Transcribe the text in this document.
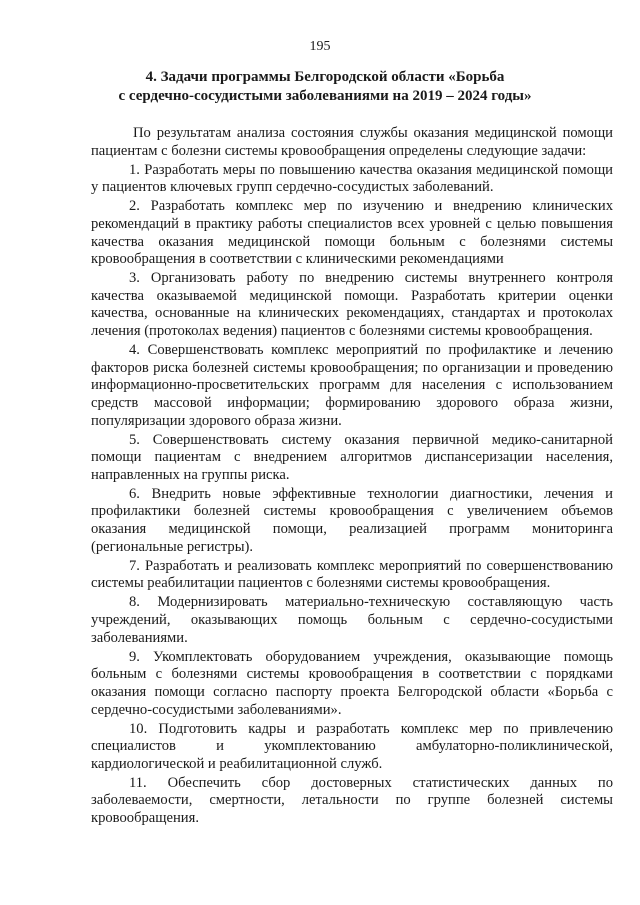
195
4. Задачи программы Белгородской области «Борьба
с сердечно-сосудистыми заболеваниями на 2019 – 2024 годы»

По результатам анализа состояния службы оказания медицинской помощи пациентам с болезни системы кровообращения определены следующие задачи:

1. Разработать меры по повышению качества оказания медицинской помощи у пациентов ключевых групп сердечно-сосудистых заболеваний.

2. Разработать комплекс мер по изучению и внедрению клинических рекомендаций в практику работы специалистов всех уровней с целью повышения качества оказания медицинской помощи больным с болезнями системы кровообращения в соответствии с клиническими рекомендациями

3. Организовать работу по внедрению системы внутреннего контроля качества оказываемой медицинской помощи. Разработать критерии оценки качества, основанные на клинических рекомендациях, стандартах и протоколах лечения (протоколах ведения) пациентов с болезнями системы кровообращения.

4. Совершенствовать комплекс мероприятий по профилактике и лечению факторов риска болезней системы кровообращения; по организации и проведению информационно-просветительских программ для населения с использованием средств массовой информации; формированию здорового образа жизни, популяризации здорового образа жизни.

5. Совершенствовать систему оказания первичной медико-санитарной помощи пациентам с внедрением алгоритмов диспансеризации населения, направленных на группы риска.

6. Внедрить новые эффективные технологии диагностики, лечения и профилактики болезней системы кровообращения с увеличением объемов оказания медицинской помощи, реализацией программ мониторинга (региональные регистры).

7. Разработать и реализовать комплекс мероприятий по совершенствованию системы реабилитации пациентов с болезнями системы кровообращения.

8. Модернизировать материально-техническую составляющую часть учреждений, оказывающих помощь больным с сердечно-сосудистыми заболеваниями.

9. Укомплектовать оборудованием учреждения, оказывающие помощь больным с болезнями системы кровообращения в соответствии с порядками оказания помощи согласно паспорту проекта Белгородской области «Борьба с сердечно-сосудистыми заболеваниями».

10. Подготовить кадры и разработать комплекс мер по привлечению специалистов и укомплектованию амбулаторно-поликлинической, кардиологической и реабилитационной служб.

11. Обеспечить сбор достоверных статистических данных по заболеваемости, смертности, летальности по группе болезней системы кровообращения.
